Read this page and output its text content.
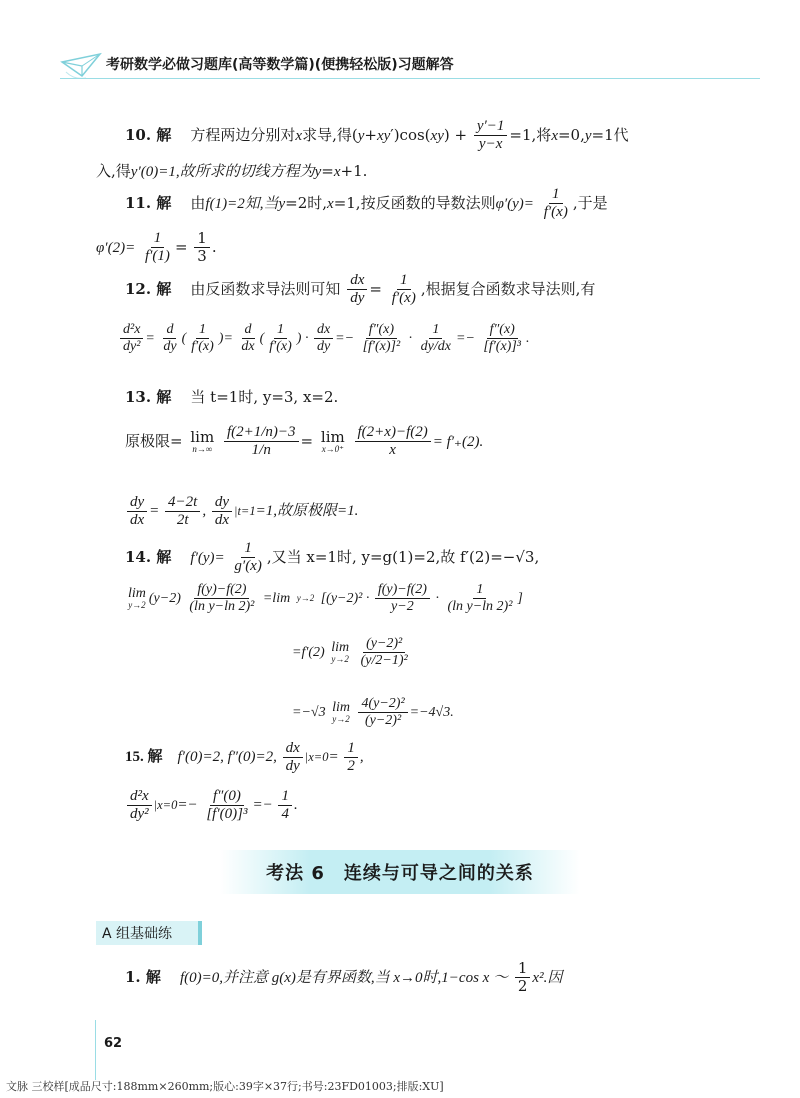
考研数学必做习题库(高等数学篇)(便携轻松版)习题解答
10. 解 方程两边分别对x求导,得$(y+xy')\cos(xy) + \frac{y'-1}{y-x} =1$,将x=0,y=1代
入,得y′(0)=1,故所求的切线方程为y=x+1.
11. 解 由f(1)=2知,当y=2时,x=1,按反函数的导数法则$\varphi'(y)= \frac{1}{f'(x)}$ ,于是
$\varphi'(2)= \frac{1}{f'(1)} = \frac{1}{3}$ .
12. 解 由反函数求导法则可知 $\frac{dx}{dy} = \frac{1}{f'(x)}$ ,根据复合函数求导法则,有
$\frac{\text{d²x}}{\text{dy²}} = \frac{d}{dy}$ ( $\frac{1}{f'(x)}$ )= $\frac{d}{dx}$ ( $\frac{1}{f'(x)}$ ) · $\frac{dx}{dy} =- \frac{f''(x)}{\text{[f′(x)]²}} \cdot \frac{1}{dy/dx} =- \frac{f''(x)}{\text{[f′(x)]³}}$ .
13. 解 当 t=1时, y=3, x=2.
原极限= lim
n→∞
$\frac{f(2+1/n)-3}{1/n} = \lim$
x→0⁺
$\frac{f(2+x)-f(2)}{x} = f'_+(2)$.
$\frac{dy}{dx} = \frac{4-2t}{2t}$ , $\frac{dy}{dx} |t=1=1$,故原极限=1.
14. 解 $f'(y)= \frac{1}{g'(x)}$ ,又当 x=1时, y=g(1)=2,故 f′(2)=−√3,
lim
y→2 $(y-2) \frac{f(y)-f(2)}{\text{(ln y−ln 2)²}} =\lim$ y→2 [$(y-2)^2 \cdot \frac{f(y)-f(2)}{y-2} \cdot \frac{1}{\text{(ln y−ln 2)²}}$ ]
=f′(2) lim
y→2
$\frac{\text{(y−2)²}}{\text{(y/2−1)²}}$
=−√3 lim
y→2
$\frac{\text{4(y−2)²}}{\text{(y−2)²}} =-4√3$.
15. 解 f′(0)=2, f″(0)=2, $\frac{dx}{dy} |x=0= \frac{1}{2}$ ,
$\frac{\text{d²x}}{\text{dy²}} |x=0=- \frac{f''(0)}{\text{[f′(0)]³}} =- \frac{1}{4}$ .
考法 6　连续与可导之间的关系
A 组基础练
1. 解 f(0)=0,并注意 g(x)是有界函数,当 x→0时,1−cos x ～ $\frac{1}{2} x^2$.因
62
文脉 三校样[成品尺寸:188mm×260mm;版心:39字×37行;书号:23FD01003;排版:XU]
